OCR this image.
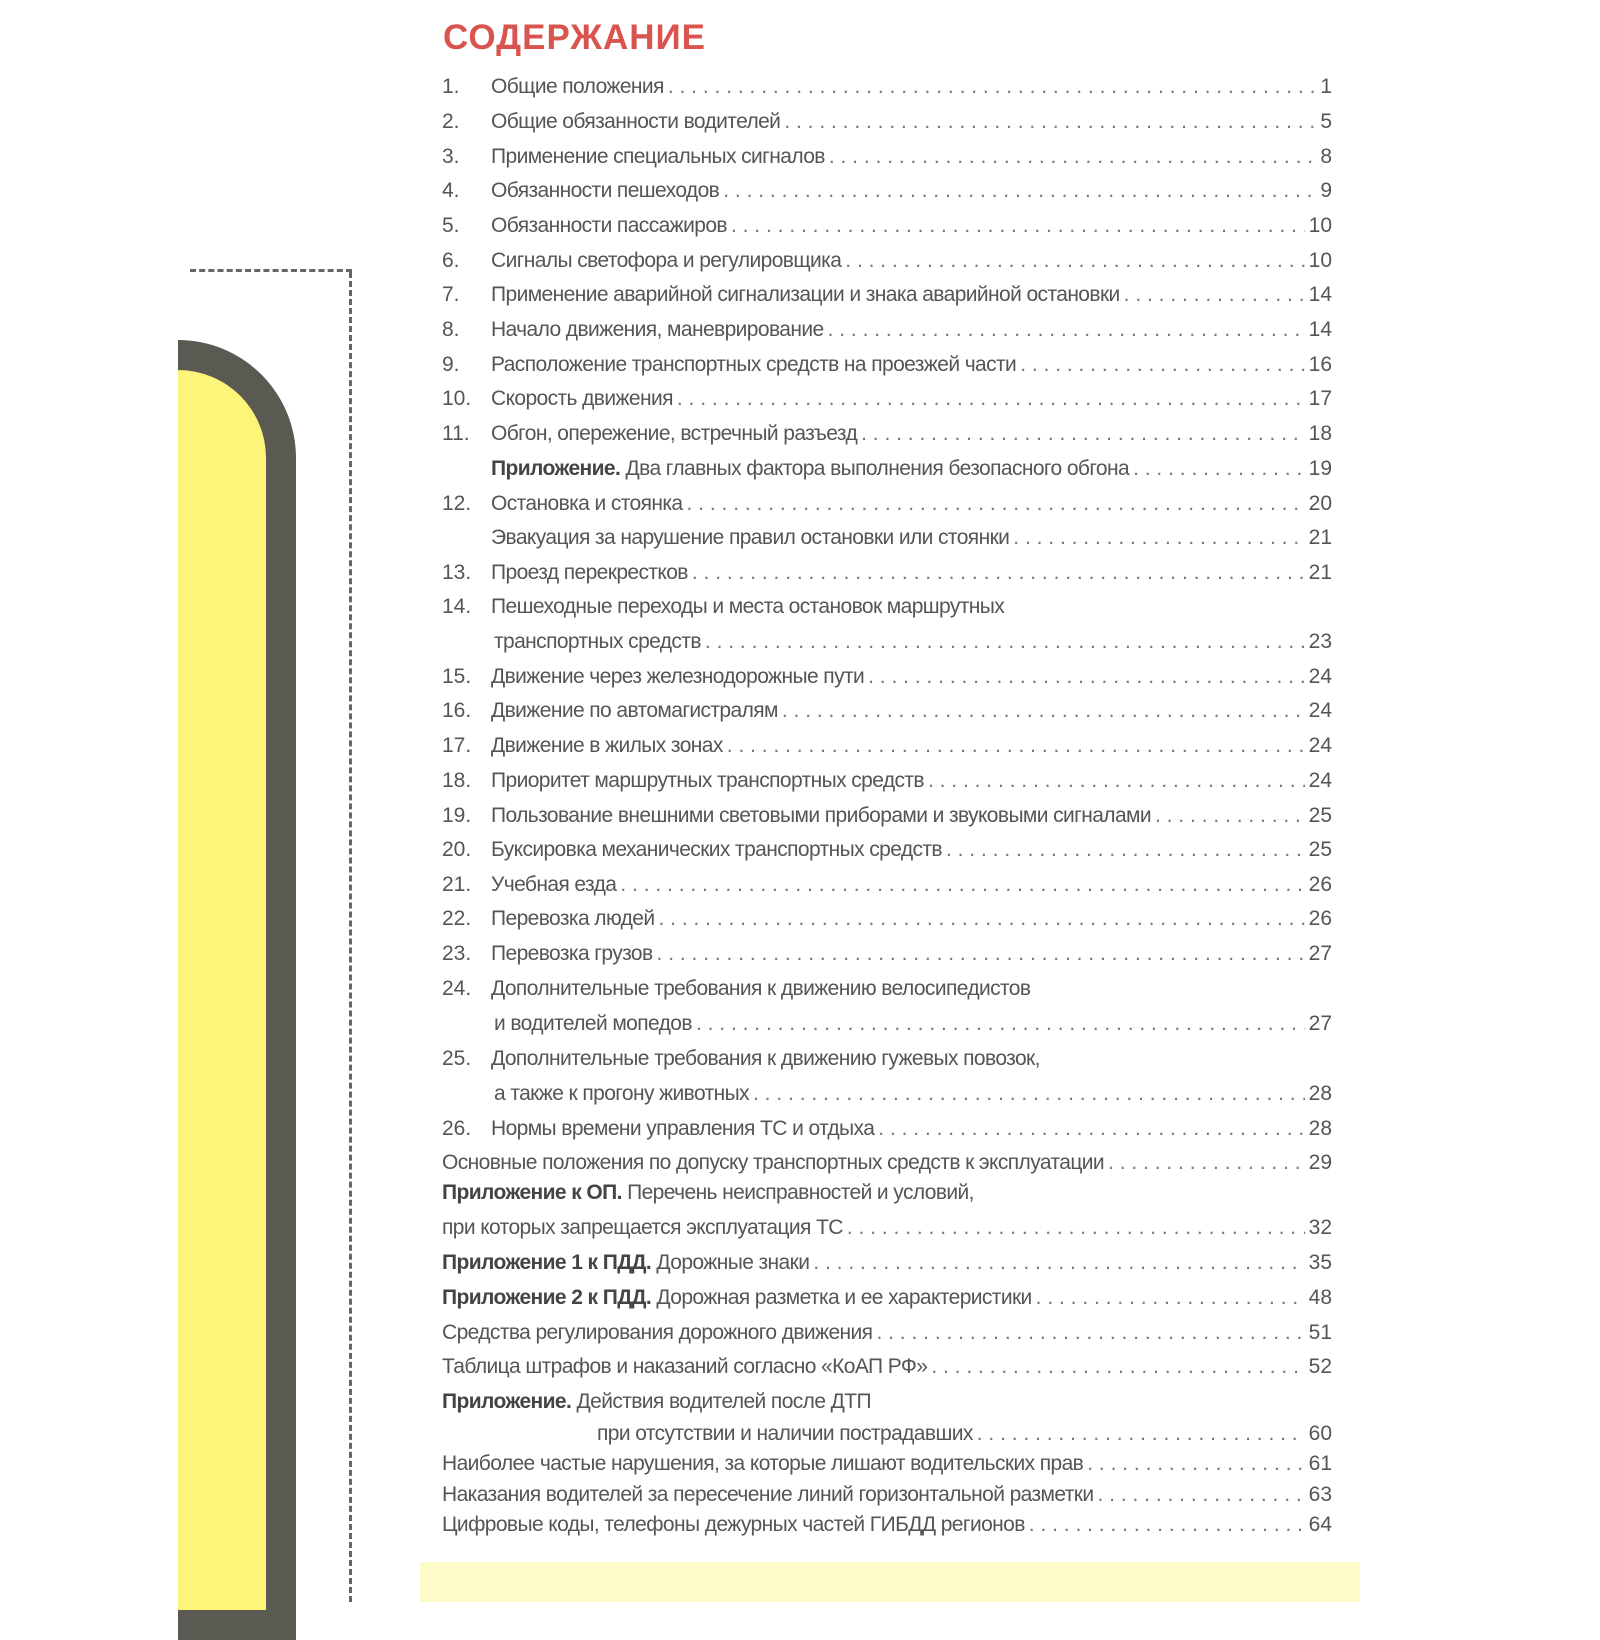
СОДЕРЖАНИЕ
1.	Общие положения . . .	1
2.	Общие обязанности водителей . . .	5
3.	Применение специальных сигналов . . .	8
4.	Обязанности пешеходов . . .	9
5.	Обязанности пассажиров . . .	10
6.	Сигналы светофора и регулировщика . . .	10
7.	Применение аварийной сигнализации и знака аварийной остановки . . .	14
8.	Начало движения, маневрирование . . .	14
9.	Расположение транспортных средств на проезжей части . . .	16
10. Скорость движения . . .	17
11.	Обгон, опережение, встречный разъезд . . .	18
Приложение. Два главных фактора выполнения безопасного обгона . . .	19
12. Остановка и стоянка . . .	20
Эвакуация за нарушение правил остановки или стоянки . . .	21
13. Проезд перекрестков . . .	21
14. Пешеходные переходы и места остановок маршрутных
транспортных средств . . .	23
15. Движение через железнодорожные пути . . .	24
16. Движение по автомагистралям . . .	24
17. Движение в жилых зонах . . .	24
18. Приоритет маршрутных транспортных средств . . .	24
19. Пользование внешними световыми приборами и звуковыми сигналами . . .	25
20. Буксировка механических транспортных средств . . .	25
21. Учебная езда . . .	26
22. Перевозка людей . . .	26
23. Перевозка грузов . . .	27
24. Дополнительные требования к движению велосипедистов
и водителей мопедов . . .	27
25. Дополнительные требования к движению гужевых повозок,
а также к прогону животных . . .	28
26. Нормы времени управления ТС и отдыха . . .	28
Основные положения по допуску транспортных средств к эксплуатации . . .	29
Приложение к ОП. Перечень неисправностей и условий,
при которых запрещается эксплуатация ТС . . .	32
Приложение 1 к ПДД. Дорожные знаки . . .	35
Приложение 2 к ПДД. Дорожная разметка и ее характеристики . . .	48
Средства регулирования дорожного движения . . .	51
Таблица штрафов и наказаний согласно «КоАП РФ» . . .	52
Приложение. Действия водителей после ДТП
при отсутствии и наличии пострадавших . . .	60
Наиболее частые нарушения, за которые лишают водительских прав . . .	61
Наказания водителей за пересечение линий горизонтальной разметки . . .	63
Цифровые коды, телефоны дежурных частей ГИБДД регионов . . .	64
